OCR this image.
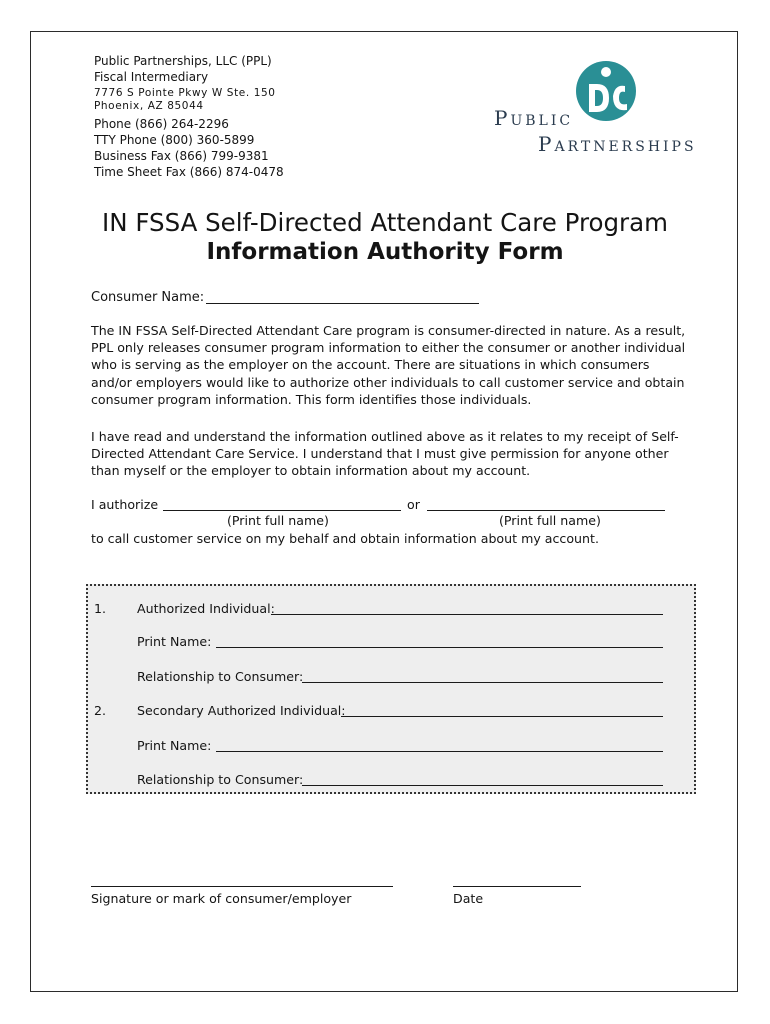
Public Partnerships, LLC (PPL)
Fiscal Intermediary
7776 S Pointe Pkwy W Ste. 150
Phoenix, AZ 85044
Phone (866) 264-2296
TTY Phone (800) 360-5899
Business Fax (866) 799-9381
Time Sheet Fax (866) 874-0478
PUBLIC
PARTNERSHIPS
IN FSSA Self-Directed Attendant Care Program
Information Authority Form
Consumer Name:
The IN FSSA Self-Directed Attendant Care program is consumer-directed in nature. As a result,
PPL only releases consumer program information to either the consumer or another individual
who is serving as the employer on the account. There are situations in which consumers
and/or employers would like to authorize other individuals to call customer service and obtain
consumer program information. This form identifies those individuals.
I have read and understand the information outlined above as it relates to my receipt of Self-
Directed Attendant Care Service. I understand that I must give permission for anyone other
than myself or the employer to obtain information about my account.
I authorize	or
(Print full name)	(Print full name)
to call customer service on my behalf and obtain information about my account.
1. Authorized Individual:
Print Name:
Relationship to Consumer:
2. Secondary Authorized Individual:
Print Name:
Relationship to Consumer:
Signature or mark of consumer/employer	Date
